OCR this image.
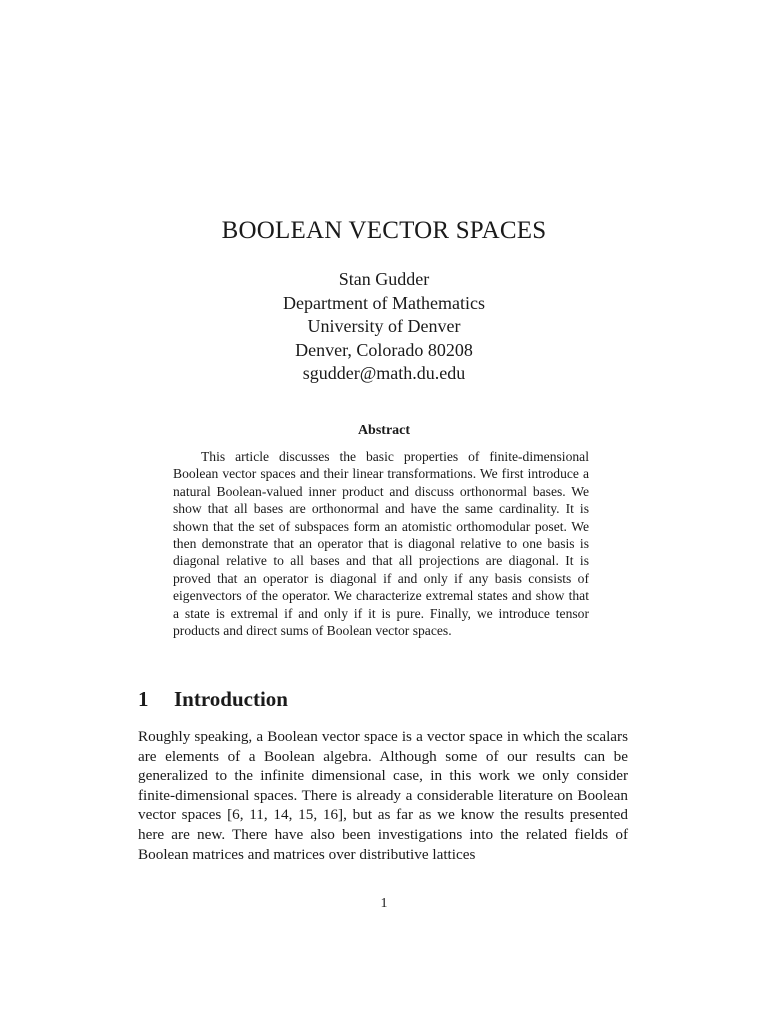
BOOLEAN VECTOR SPACES
Stan Gudder
Department of Mathematics
University of Denver
Denver, Colorado 80208
sgudder@math.du.edu
Abstract

This article discusses the basic properties of finite-dimensional Boolean vector spaces and their linear transformations. We first introduce a natural Boolean-valued inner product and discuss orthonormal bases. We show that all bases are orthonormal and have the same cardinality. It is shown that the set of subspaces form an atomistic orthomodular poset. We then demonstrate that an operator that is diagonal relative to one basis is diagonal relative to all bases and that all projections are diagonal. It is proved that an operator is diagonal if and only if any basis consists of eigenvectors of the operator. We characterize extremal states and show that a state is extremal if and only if it is pure. Finally, we introduce tensor products and direct sums of Boolean vector spaces.

1 Introduction

Roughly speaking, a Boolean vector space is a vector space in which the scalars are elements of a Boolean algebra. Although some of our results can be generalized to the infinite dimensional case, in this work we only consider finite-dimensional spaces. There is already a considerable literature on Boolean vector spaces [6, 11, 14, 15, 16], but as far as we know the results presented here are new. There have also been investigations into the related fields of Boolean matrices and matrices over distributive lattices

1
